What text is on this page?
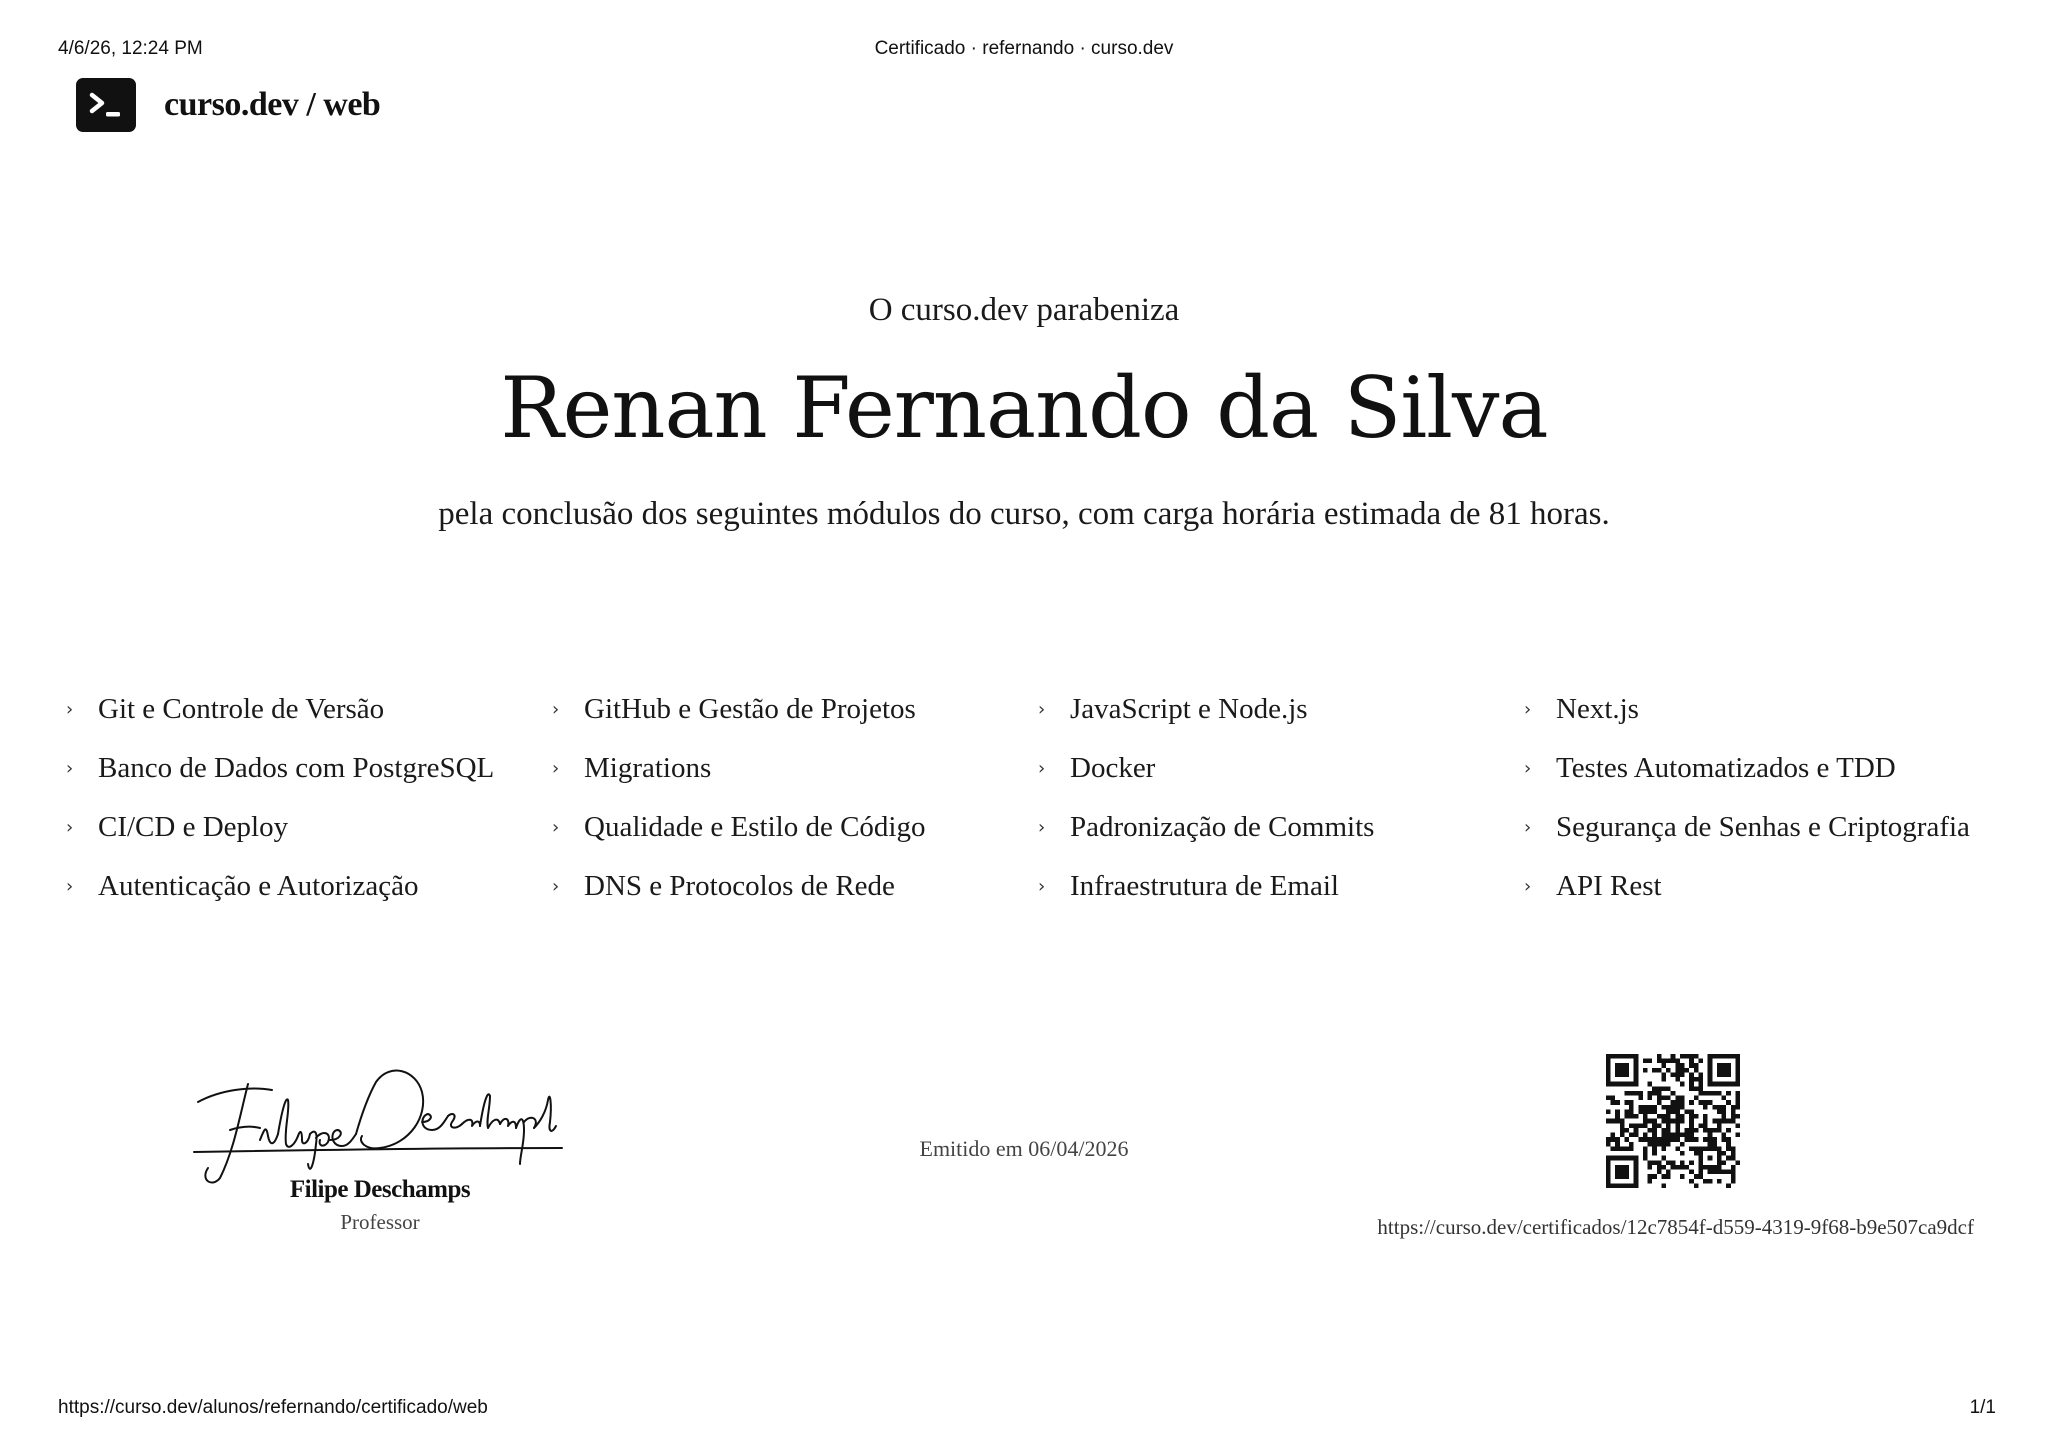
4/6/26, 12:24 PM	Certificado · refernando · curso.dev
curso.dev / web
O curso.dev parabeniza
Renan Fernando da Silva
pela conclusão dos seguintes módulos do curso, com carga horária estimada de 81 horas.
› Git e Controle de Versão	› GitHub e Gestão de Projetos	› JavaScript e Node.js	› Next.js
› Banco de Dados com PostgreSQL	› Migrations	› Docker	› Testes Automatizados e TDD
› CI/CD e Deploy	› Qualidade e Estilo de Código	› Padronização de Commits	› Segurança de Senhas e Criptografia
› Autenticação e Autorização	› DNS e Protocolos de Rede	› Infraestrutura de Email	› API Rest
Filipe Deschamps
Professor
Emitido em 06/04/2026
https://curso.dev/certificados/12c7854f-d559-4319-9f68-b9e507ca9dcf
https://curso.dev/alunos/refernando/certificado/web	1/1
